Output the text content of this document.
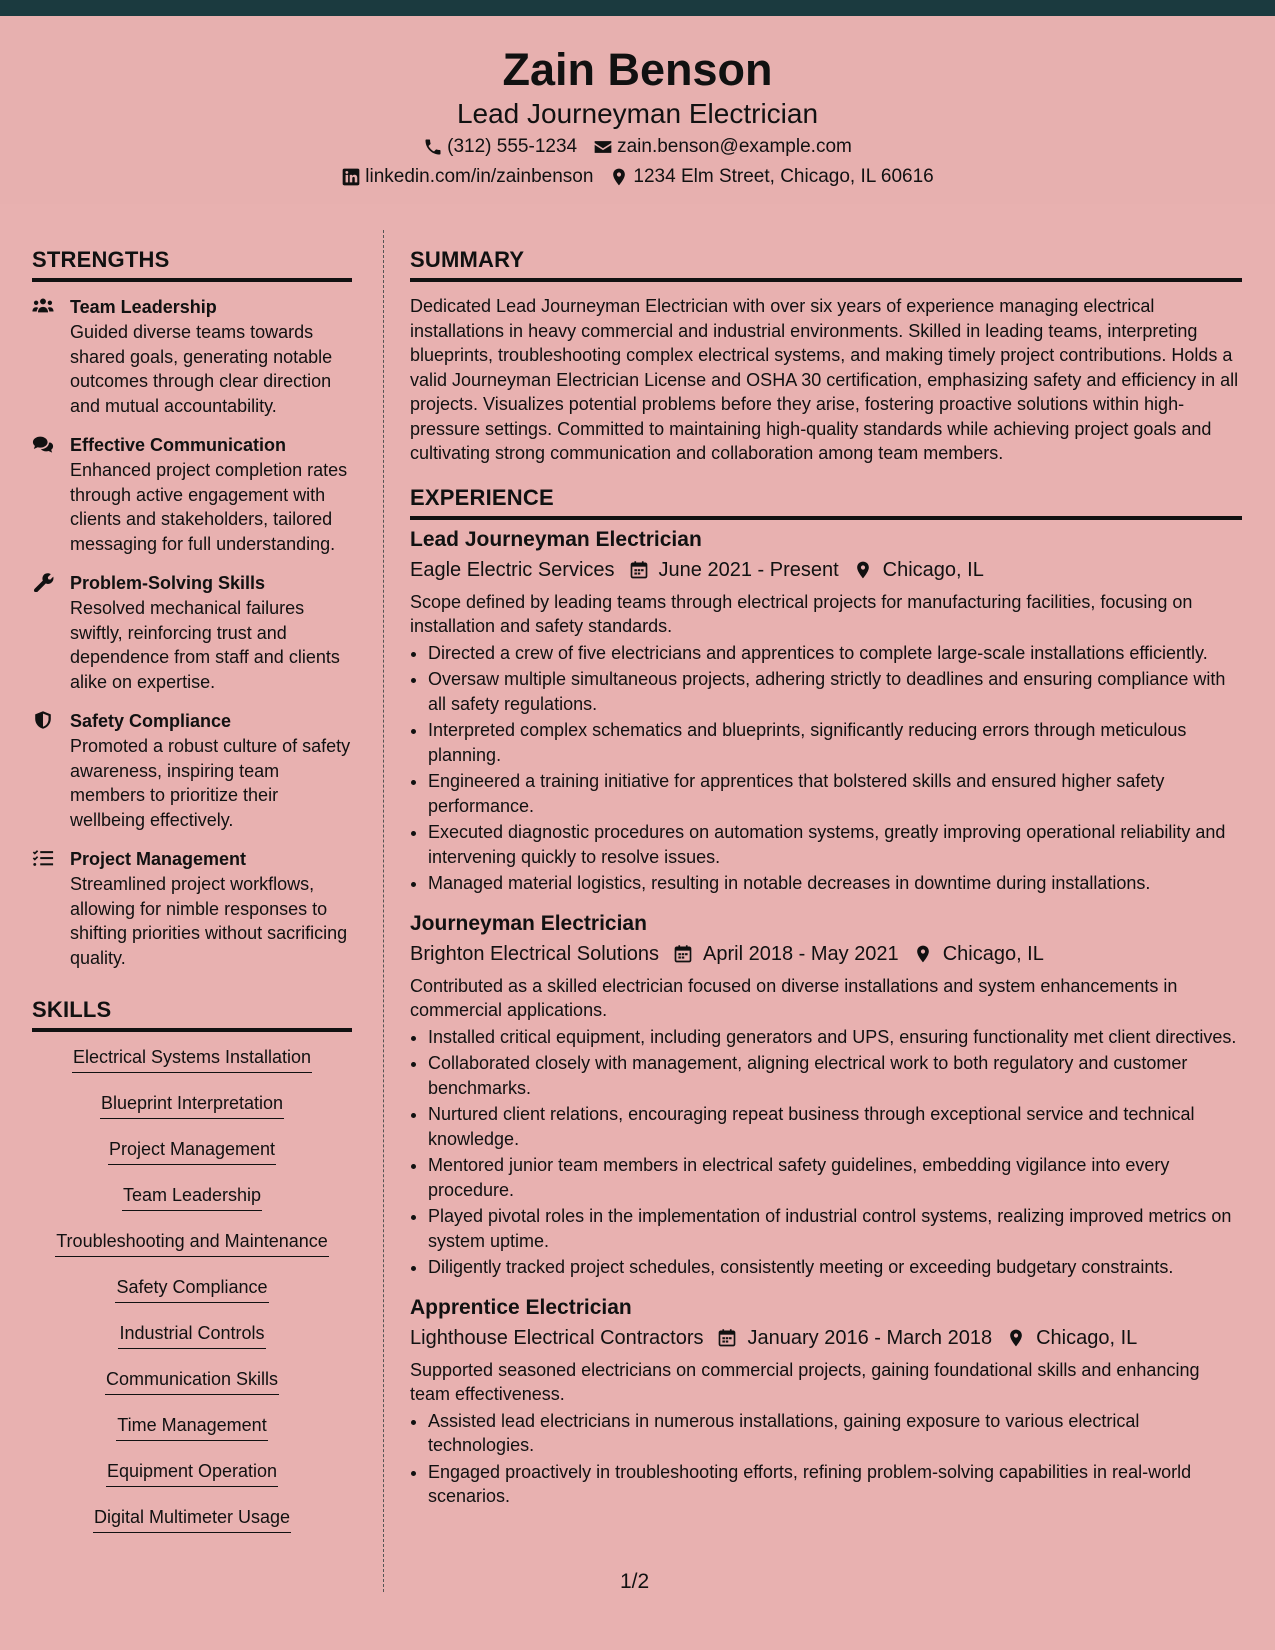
Zain Benson
Lead Journeyman Electrician
(312) 555-1234 zain.benson@example.com
linkedin.com/in/zainbenson 1234 Elm Street, Chicago, IL 60616
STRENGTHS
Team Leadership
Guided diverse teams towards shared goals, generating notable outcomes through clear direction and mutual accountability.
Effective Communication
Enhanced project completion rates through active engagement with clients and stakeholders, tailored messaging for full understanding.
Problem-Solving Skills
Resolved mechanical failures swiftly, reinforcing trust and dependence from staff and clients alike on expertise.
Safety Compliance
Promoted a robust culture of safety awareness, inspiring team members to prioritize their wellbeing effectively.
Project Management
Streamlined project workflows, allowing for nimble responses to shifting priorities without sacrificing quality.
SKILLS
Electrical Systems Installation
Blueprint Interpretation
Project Management
Team Leadership
Troubleshooting and Maintenance
Safety Compliance
Industrial Controls
Communication Skills
Time Management
Equipment Operation
Digital Multimeter Usage
SUMMARY
Dedicated Lead Journeyman Electrician with over six years of experience managing electrical installations in heavy commercial and industrial environments. Skilled in leading teams, interpreting blueprints, troubleshooting complex electrical systems, and making timely project contributions. Holds a valid Journeyman Electrician License and OSHA 30 certification, emphasizing safety and efficiency in all projects. Visualizes potential problems before they arise, fostering proactive solutions within high-pressure settings. Committed to maintaining high-quality standards while achieving project goals and cultivating strong communication and collaboration among team members.
EXPERIENCE
Lead Journeyman Electrician
Eagle Electric Services June 2021 - Present Chicago, IL
Scope defined by leading teams through electrical projects for manufacturing facilities, focusing on installation and safety standards.
• Directed a crew of five electricians and apprentices to complete large-scale installations efficiently.
• Oversaw multiple simultaneous projects, adhering strictly to deadlines and ensuring compliance with all safety regulations.
• Interpreted complex schematics and blueprints, significantly reducing errors through meticulous planning.
• Engineered a training initiative for apprentices that bolstered skills and ensured higher safety performance.
• Executed diagnostic procedures on automation systems, greatly improving operational reliability and intervening quickly to resolve issues.
• Managed material logistics, resulting in notable decreases in downtime during installations.
Journeyman Electrician
Brighton Electrical Solutions April 2018 - May 2021 Chicago, IL
Contributed as a skilled electrician focused on diverse installations and system enhancements in commercial applications.
• Installed critical equipment, including generators and UPS, ensuring functionality met client directives.
• Collaborated closely with management, aligning electrical work to both regulatory and customer benchmarks.
• Nurtured client relations, encouraging repeat business through exceptional service and technical knowledge.
• Mentored junior team members in electrical safety guidelines, embedding vigilance into every procedure.
• Played pivotal roles in the implementation of industrial control systems, realizing improved metrics on system uptime.
• Diligently tracked project schedules, consistently meeting or exceeding budgetary constraints.
Apprentice Electrician
Lighthouse Electrical Contractors January 2016 - March 2018 Chicago, IL
Supported seasoned electricians on commercial projects, gaining foundational skills and enhancing team effectiveness.
• Assisted lead electricians in numerous installations, gaining exposure to various electrical technologies.
• Engaged proactively in troubleshooting efforts, refining problem-solving capabilities in real-world scenarios.
1/2
